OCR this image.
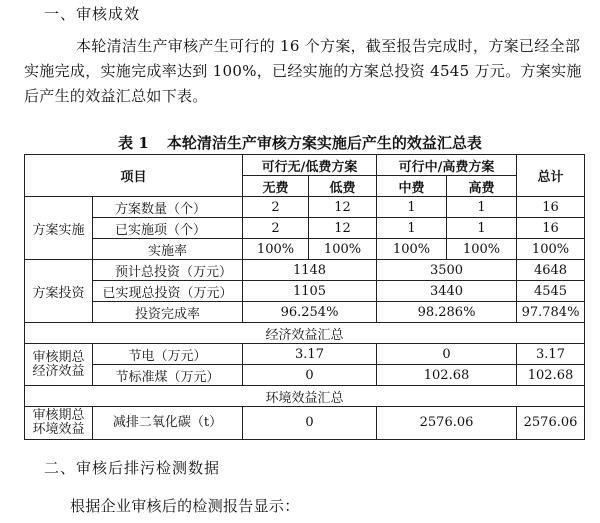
一、审核成效
本轮清洁生产审核产生可行的 16 个方案，截至报告完成时，方案已经全部实施完成，实施完成率达到 100%，已经实施的方案总投资 4545 万元。方案实施后产生的效益汇总如下表。
表 1 本轮清洁生产审核方案实施后产生的效益汇总表
项目		可行无/低费方案		可行中/高费方案		总计
		无费	低费	中费	高费	
方案实施	方案数量（个）	2	12	1	1	16
	已实施项（个）	2	12	1	1	16
	实施率	100%	100%	100%	100%	100%
方案投资	预计总投资（万元）	1148		3500		4648
	已实现总投资（万元）	1105		3440		4545
	投资完成率	96.254%		98.286%		97.784%
经济效益汇总						
审核期总经济效益	节电（万元）	3.17		0		3.17
	节标准煤（万元）	0		102.68		102.68
环境效益汇总						
审核期总环境效益	减排二氧化碳（t）	0		2576.06		2576.06
二、审核后排污检测数据
根据企业审核后的检测报告显示：
